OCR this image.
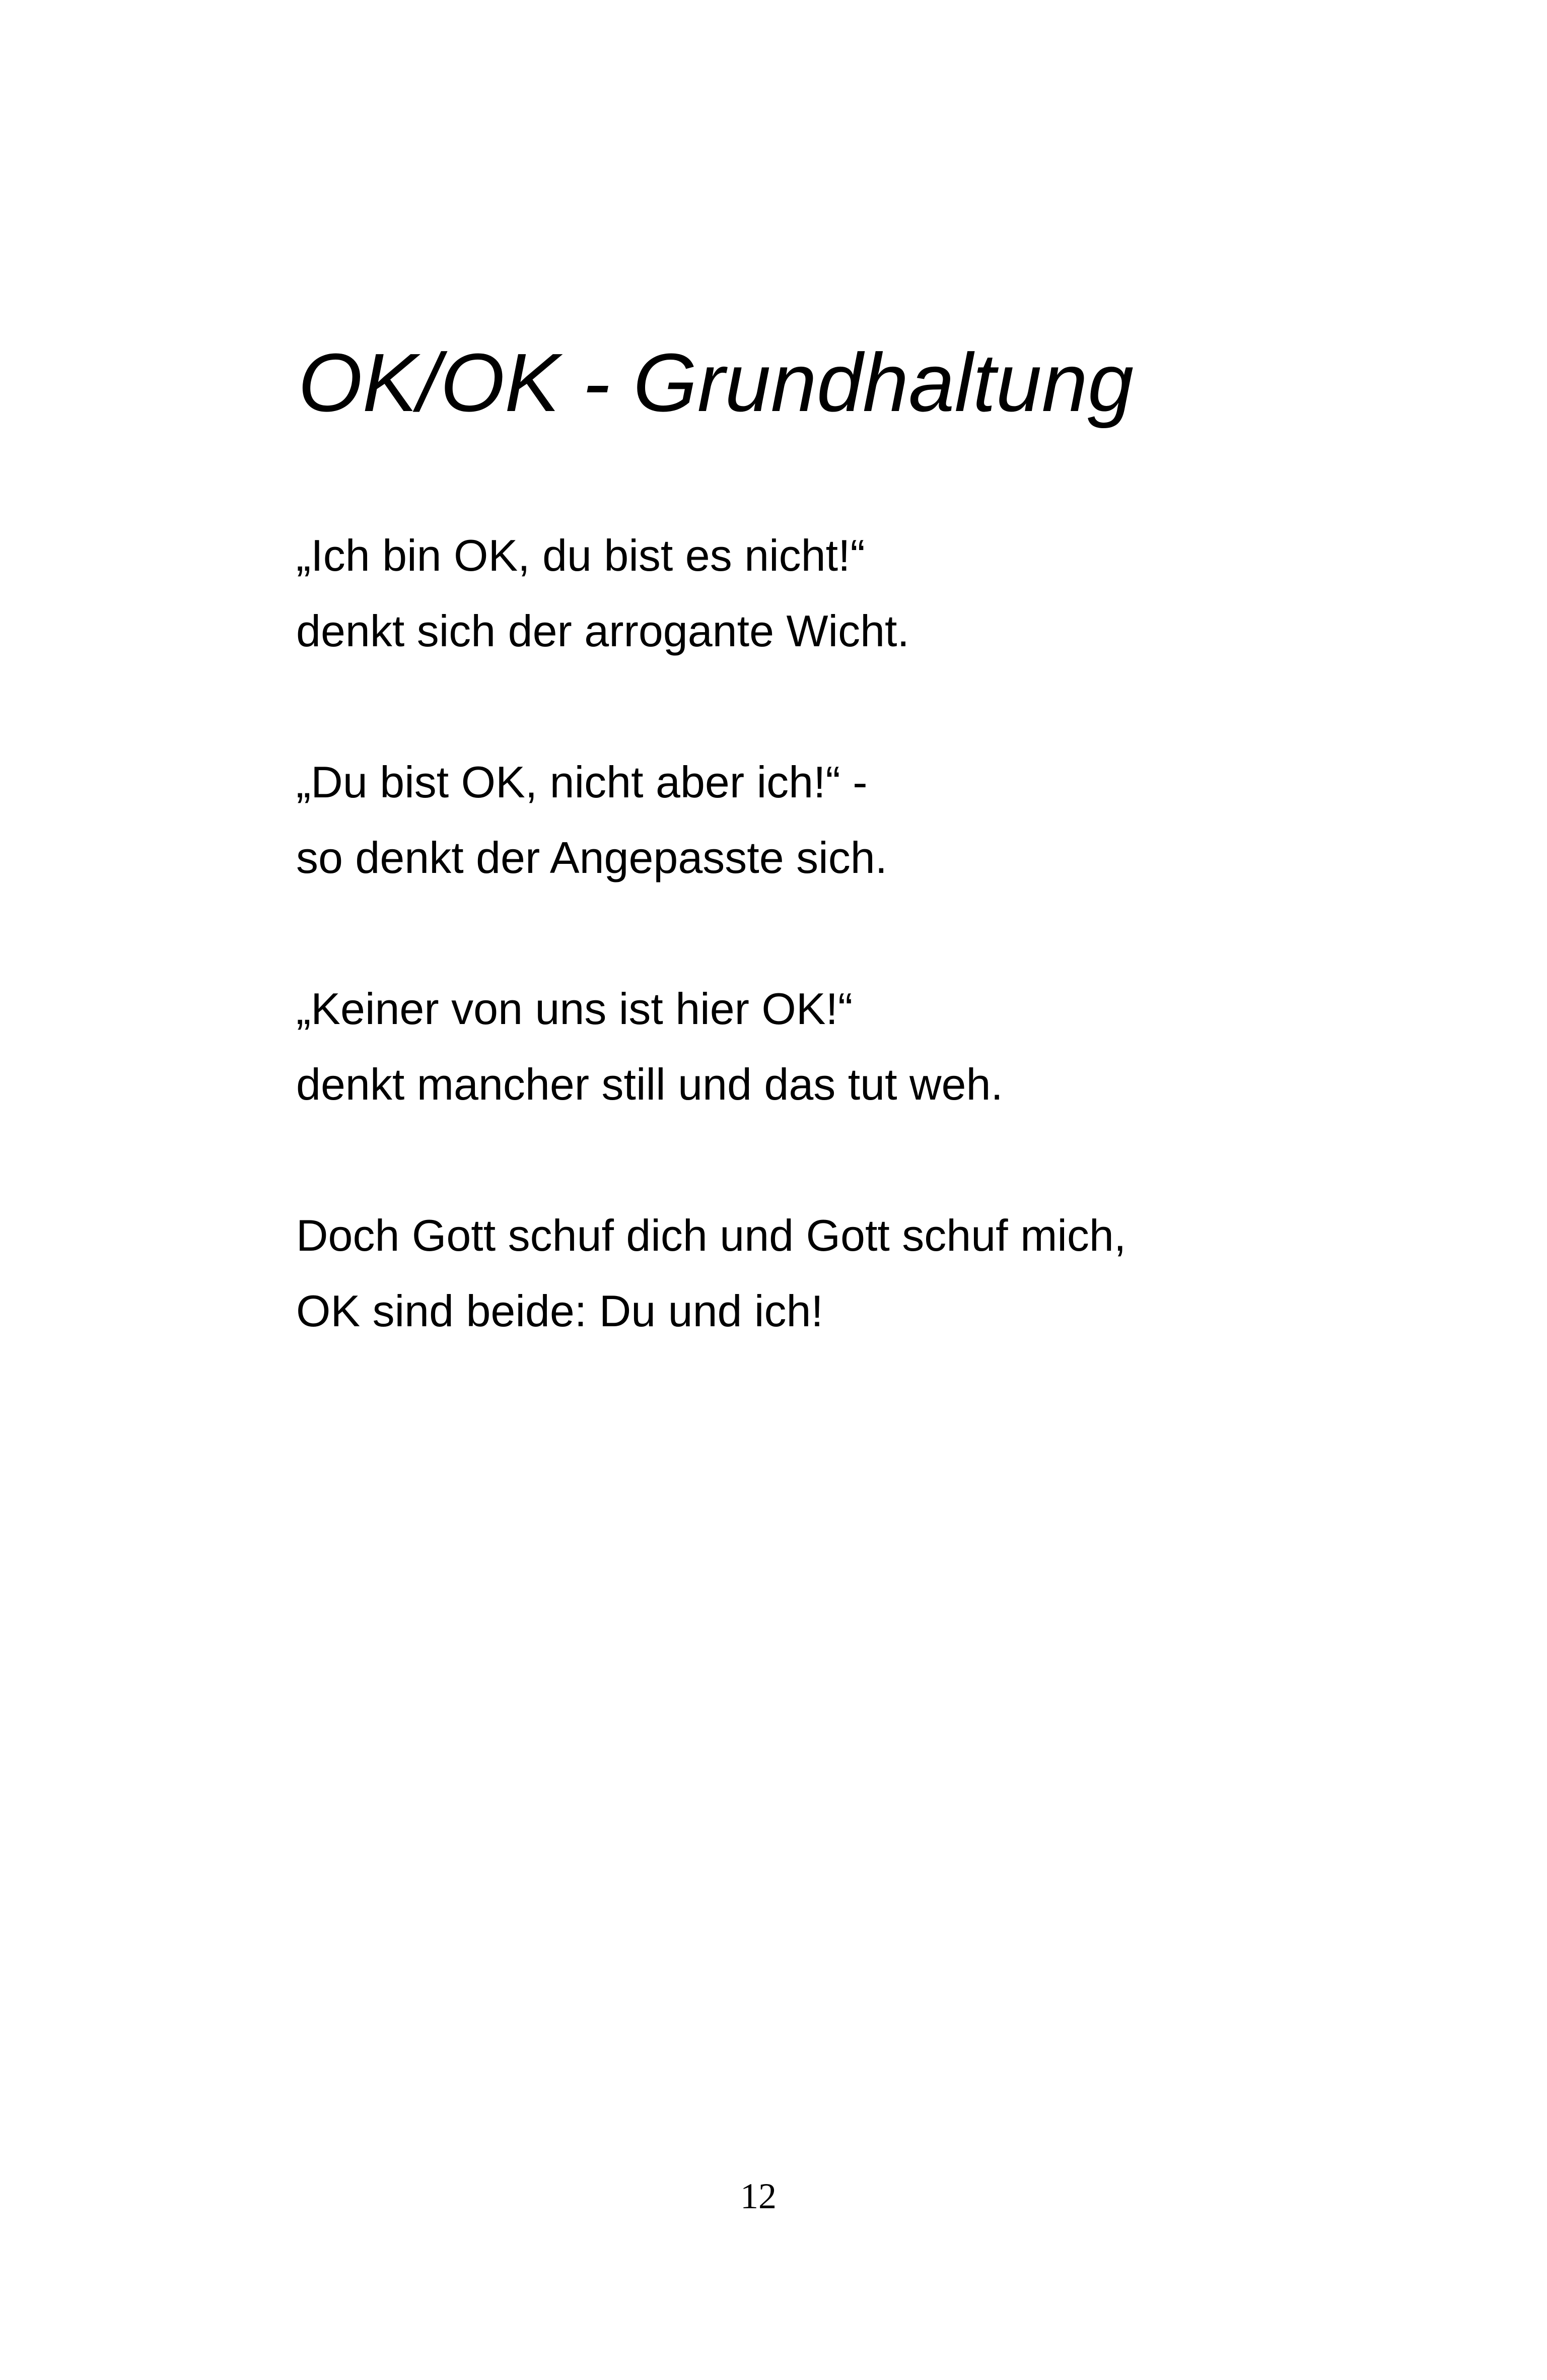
OK/OK - Grundhaltung
„Ich bin OK, du bist es nicht!“
denkt sich der arrogante Wicht.
„Du bist OK, nicht aber ich!“ -
so denkt der Angepasste sich.
„Keiner von uns ist hier OK!“
denkt mancher still und das tut weh.
Doch Gott schuf dich und Gott schuf mich,
OK sind beide: Du und ich!
12
